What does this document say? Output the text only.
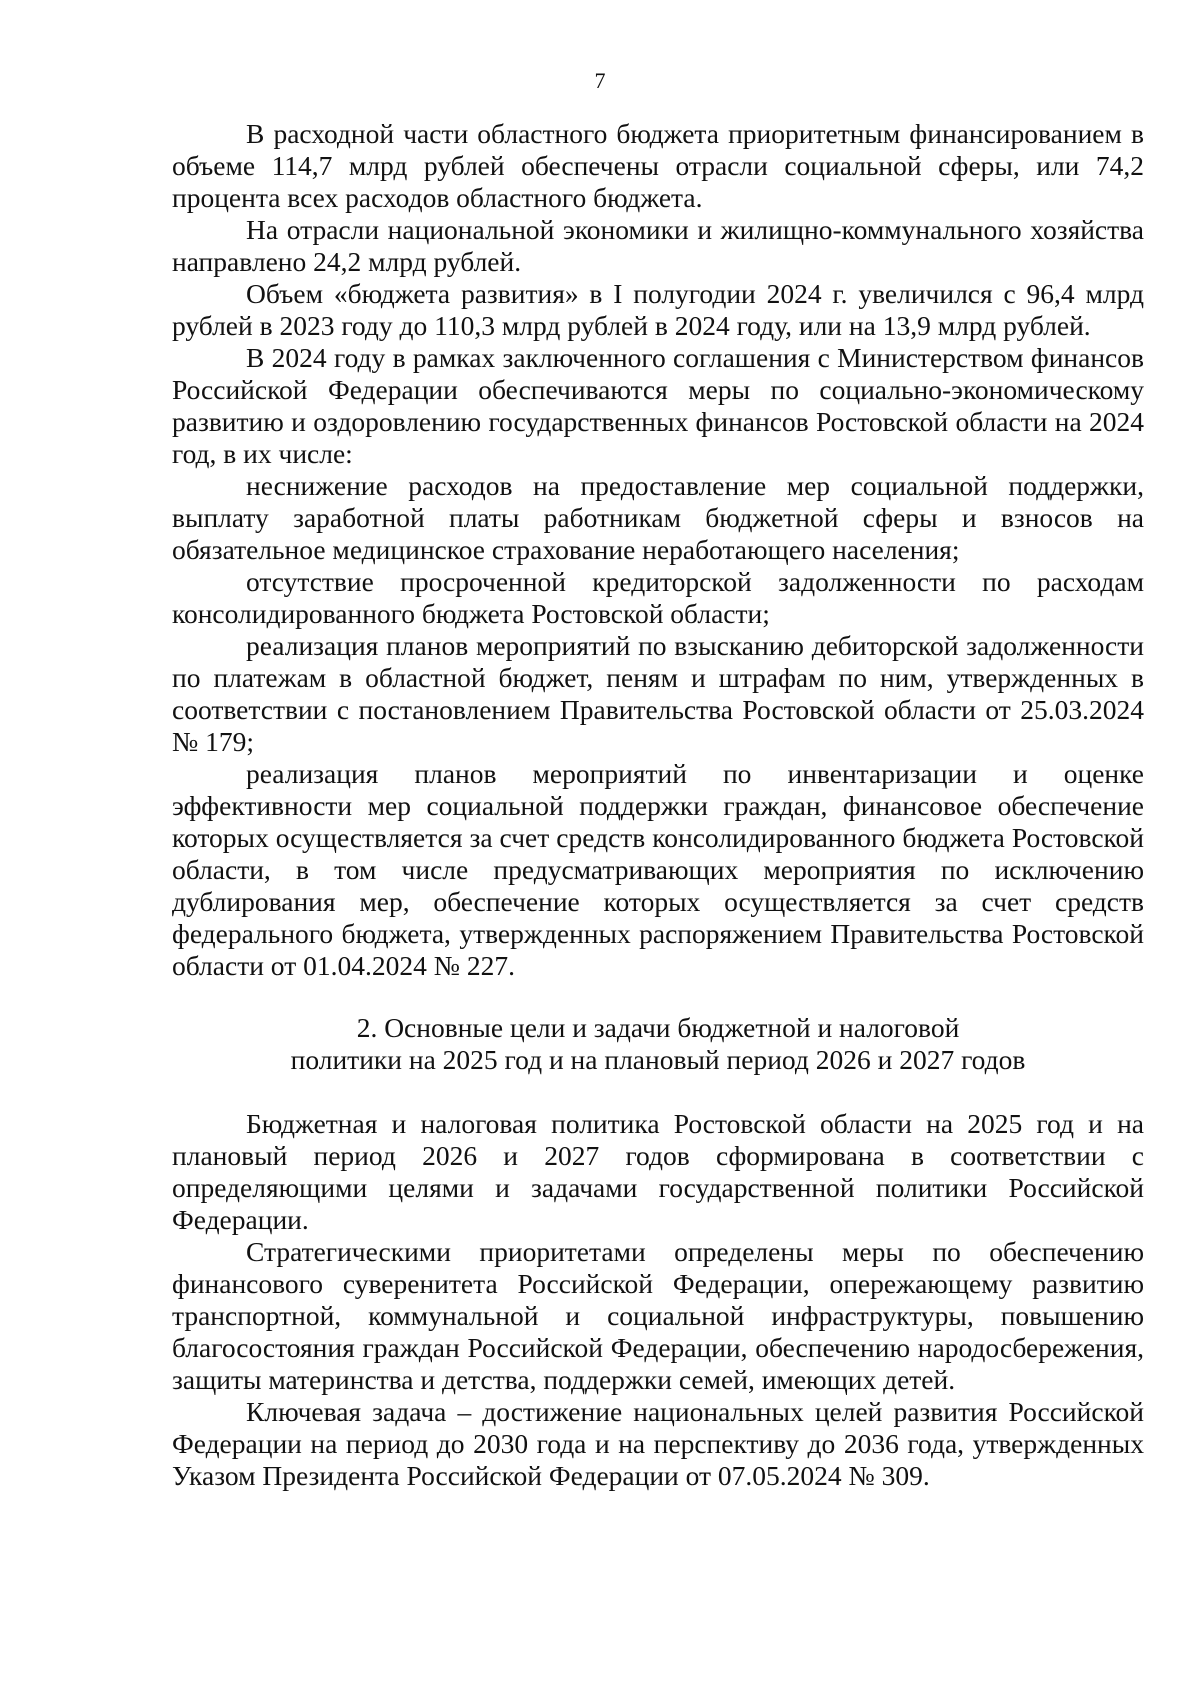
7

В расходной части областного бюджета приоритетным финансированием в объеме 114,7 млрд рублей обеспечены отрасли социальной сферы, или 74,2 процента всех расходов областного бюджета.

На отрасли национальной экономики и жилищно-коммунального хозяйства направлено 24,2 млрд рублей.

Объем «бюджета развития» в I полугодии 2024 г. увеличился с 96,4 млрд рублей в 2023 году до 110,3 млрд рублей в 2024 году, или на 13,9 млрд рублей.

В 2024 году в рамках заключенного соглашения с Министерством финансов Российской Федерации обеспечиваются меры по социально-экономическому развитию и оздоровлению государственных финансов Ростовской области на 2024 год, в их числе:

неснижение расходов на предоставление мер социальной поддержки, выплату заработной платы работникам бюджетной сферы и взносов на обязательное медицинское страхование неработающего населения;

отсутствие просроченной кредиторской задолженности по расходам консолидированного бюджета Ростовской области;

реализация планов мероприятий по взысканию дебиторской задолженности по платежам в областной бюджет, пеням и штрафам по ним, утвержденных в соответствии с постановлением Правительства Ростовской области от 25.03.2024 № 179;

реализация планов мероприятий по инвентаризации и оценке эффективности мер социальной поддержки граждан, финансовое обеспечение которых осуществляется за счет средств консолидированного бюджета Ростовской области, в том числе предусматривающих мероприятия по исключению дублирования мер, обеспечение которых осуществляется за счет средств федерального бюджета, утвержденных распоряжением Правительства Ростовской области от 01.04.2024 № 227.

2. Основные цели и задачи бюджетной и налоговой
политики на 2025 год и на плановый период 2026 и 2027 годов

Бюджетная и налоговая политика Ростовской области на 2025 год и на плановый период 2026 и 2027 годов сформирована в соответствии с определяющими целями и задачами государственной политики Российской Федерации.

Стратегическими приоритетами определены меры по обеспечению финансового суверенитета Российской Федерации, опережающему развитию транспортной, коммунальной и социальной инфраструктуры, повышению благосостояния граждан Российской Федерации, обеспечению народосбережения, защиты материнства и детства, поддержки семей, имеющих детей.

Ключевая задача – достижение национальных целей развития Российской Федерации на период до 2030 года и на перспективу до 2036 года, утвержденных Указом Президента Российской Федерации от 07.05.2024 № 309.
